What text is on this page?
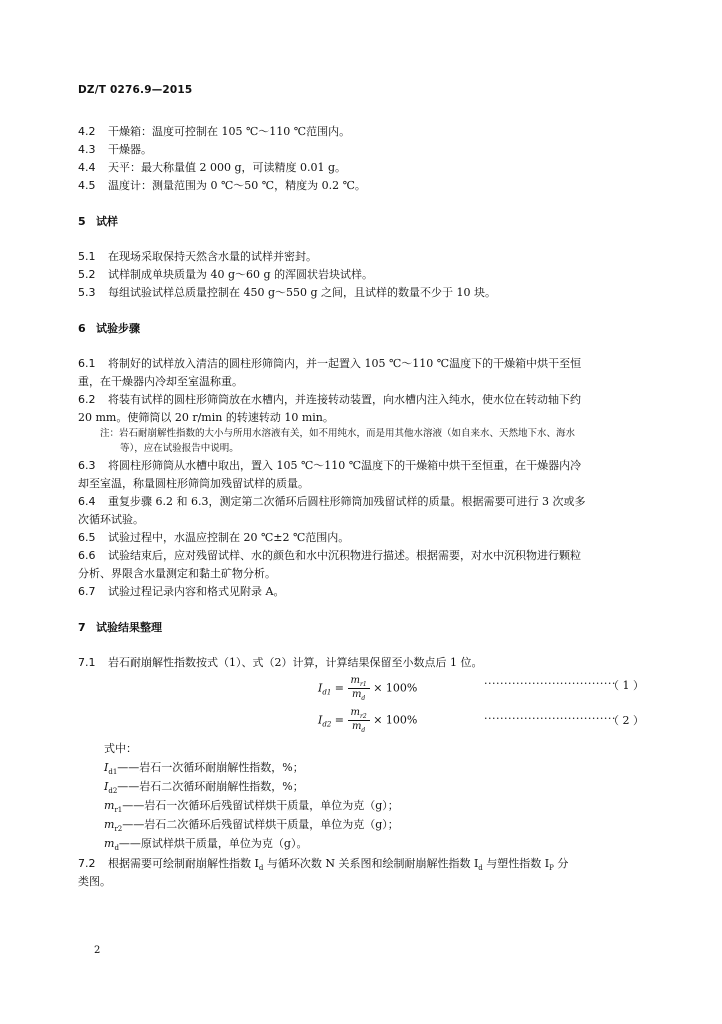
DZ/T 0276.9—2015
4.2 干燥箱：温度可控制在 105 ℃～110 ℃范围内。
4.3 干燥器。
4.4 天平：最大称量值 2 000 g，可读精度 0.01 g。
4.5 温度计：测量范围为 0 ℃～50 ℃，精度为 0.2 ℃。
5 试样
5.1 在现场采取保持天然含水量的试样并密封。
5.2 试样制成单块质量为 40 g～60 g 的浑圆状岩块试样。
5.3 每组试验试样总质量控制在 450 g～550 g 之间，且试样的数量不少于 10 块。
6 试验步骤
6.1 将制好的试样放入清洁的圆柱形筛筒内，并一起置入 105 ℃～110 ℃温度下的干燥箱中烘干至恒
重，在干燥器内冷却至室温称重。
6.2 将装有试样的圆柱形筛筒放在水槽内，并连接转动装置，向水槽内注入纯水，使水位在转动轴下约
20 mm。使筛筒以 20 r/min 的转速转动 10 min。
注：岩石耐崩解性指数的大小与所用水溶液有关，如不用纯水，而是用其他水溶液（如自来水、天然地下水、海水
等），应在试验报告中说明。
6.3 将圆柱形筛筒从水槽中取出，置入 105 ℃～110 ℃温度下的干燥箱中烘干至恒重，在干燥器内冷
却至室温，称量圆柱形筛筒加残留试样的质量。
6.4 重复步骤 6.2 和 6.3，测定第二次循环后圆柱形筛筒加残留试样的质量。根据需要可进行 3 次或多
次循环试验。
6.5 试验过程中，水温应控制在 20 ℃±2 ℃范围内。
6.6 试验结束后，应对残留试样、水的颜色和水中沉积物进行描述。根据需要，对水中沉积物进行颗粒
分析、界限含水量测定和黏土矿物分析。
6.7 试验过程记录内容和格式见附录 A。
7 试验结果整理
7.1 岩石耐崩解性指数按式（1）、式（2）计算，计算结果保留至小数点后 1 位。
$I_{d1} = \frac{m_{r1}}{m_d} \times 100\%$	·································
（ 1 ）
$I_{d2} = \frac{m_{r2}}{m_d} \times 100\%$	·································
（ 2 ）
式中：
$I_{d1}——$岩石一次循环耐崩解性指数，%；
$I_{d2}——$岩石二次循环耐崩解性指数，%；
$m_{r1}——$岩石一次循环后残留试样烘干质量，单位为克（g）；
$m_{r2}——$岩石二次循环后残留试样烘干质量，单位为克（g）；
$m_d——$原试样烘干质量，单位为克（g）。
7.2 根据需要可绘制耐崩解性指数 $I_d$ 与循环次数 N 关系图和绘制耐崩解性指数 $I_d$ 与塑性指数 $I_P$ 分
类图。
2
